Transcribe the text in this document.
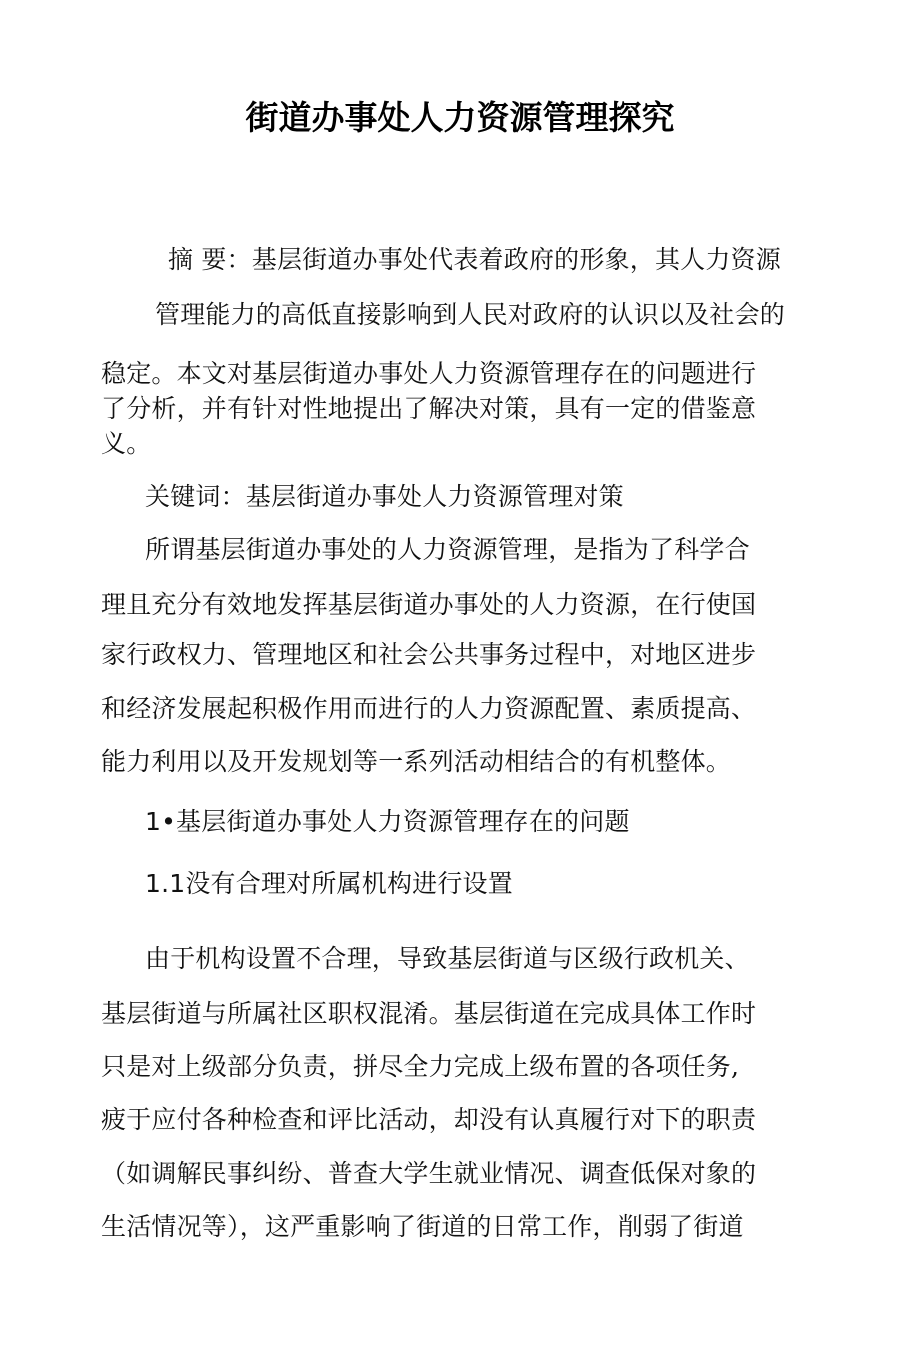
街道办事处人力资源管理探究
摘 要：基层街道办事处代表着政府的形象，其人力资源
管理能力的高低直接影响到人民对政府的认识以及社会的
稳定。本文对基层街道办事处人力资源管理存在的问题进行
了分析，并有针对性地提出了解决对策，具有一定的借鉴意
义。
关键词：基层街道办事处人力资源管理对策
所谓基层街道办事处的人力资源管理，是指为了科学合
理且充分有效地发挥基层街道办事处的人力资源，在行使国
家行政权力、管理地区和社会公共事务过程中，对地区进步
和经济发展起积极作用而进行的人力资源配置、素质提高、
能力利用以及开发规划等一系列活动相结合的有机整体。
1•基层街道办事处人力资源管理存在的问题
1.1没有合理对所属机构进行设置
由于机构设置不合理，导致基层街道与区级行政机关、
基层街道与所属社区职权混淆。基层街道在完成具体工作时
只是对上级部分负责，拼尽全力完成上级布置的各项任务,
疲于应付各种检查和评比活动，却没有认真履行对下的职责
（如调解民事纠纷、普查大学生就业情况、调查低保对象的
生活情况等），这严重影响了街道的日常工作，削弱了街道
